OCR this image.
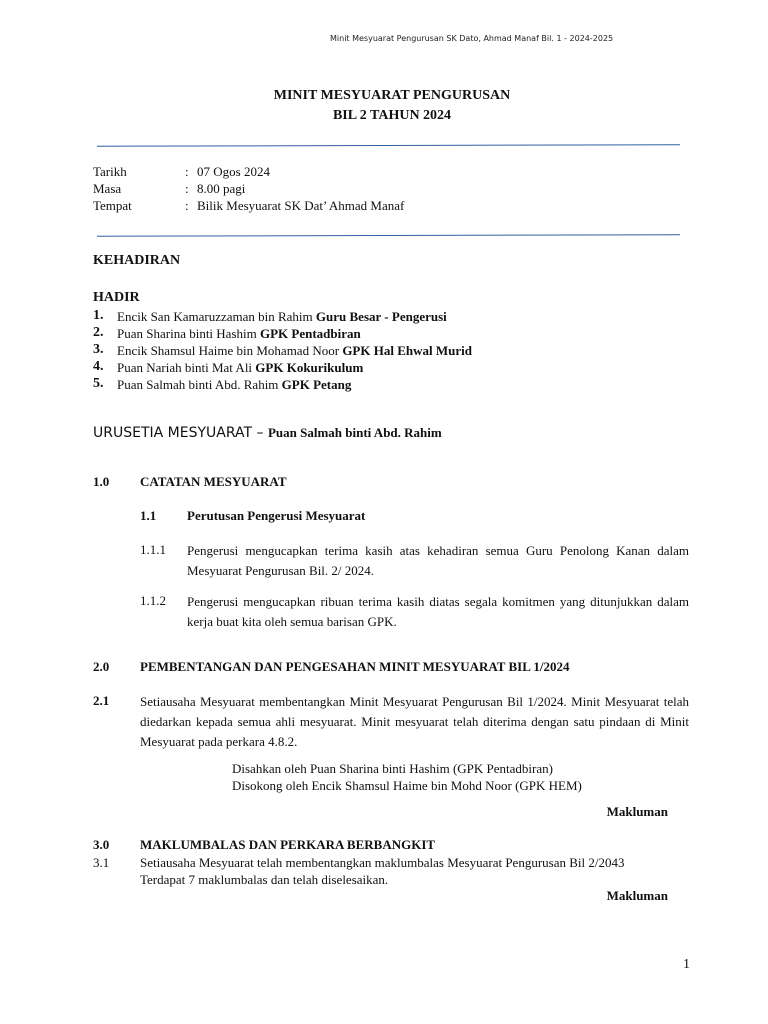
Minit Mesyuarat Pengurusan SK Dato, Ahmad Manaf Bil. 1 - 2024-2025
MINIT MESYUARAT PENGURUSAN
BIL 2 TAHUN 2024
Tarikh	: 07 Ogos 2024
Masa	: 8.00 pagi
Tempat	: Bilik Mesyuarat SK Dat’ Ahmad Manaf
KEHADIRAN
HADIR
1. Encik San Kamaruzzaman bin Rahim Guru Besar - Pengerusi
2. Puan Sharina binti Hashim GPK Pentadbiran
3. Encik Shamsul Haime bin Mohamad Noor GPK Hal Ehwal Murid
4. Puan Nariah binti Mat Ali GPK Kokurikulum
5. Puan Salmah binti Abd. Rahim GPK Petang
URUSETIA MESYUARAT – Puan Salmah binti Abd. Rahim
1.0 CATATAN MESYUARAT
1.1 Perutusan Pengerusi Mesyuarat
1.1.1 Pengerusi mengucapkan terima kasih atas kehadiran semua Guru Penolong Kanan dalam Mesyuarat Pengurusan Bil. 2/ 2024.
1.1.2 Pengerusi mengucapkan ribuan terima kasih diatas segala komitmen yang ditunjukkan dalam kerja buat kita oleh semua barisan GPK.
2.0 PEMBENTANGAN DAN PENGESAHAN MINIT MESYUARAT BIL 1/2024
2.1 Setiausaha Mesyuarat membentangkan Minit Mesyuarat Pengurusan Bil 1/2024. Minit Mesyuarat telah diedarkan kepada semua ahli mesyuarat. Minit mesyuarat telah diterima dengan satu pindaan di Minit Mesyuarat pada perkara 4.8.2.
Disahkan oleh Puan Sharina binti Hashim (GPK Pentadbiran)
Disokong oleh Encik Shamsul Haime bin Mohd Noor (GPK HEM)
Makluman
3.0 MAKLUMBALAS DAN PERKARA BERBANGKIT
3.1 Setiausaha Mesyuarat telah membentangkan maklumbalas Mesyuarat Pengurusan Bil 2/2043
Terdapat 7 maklumbalas dan telah diselesaikan.
Makluman
1
